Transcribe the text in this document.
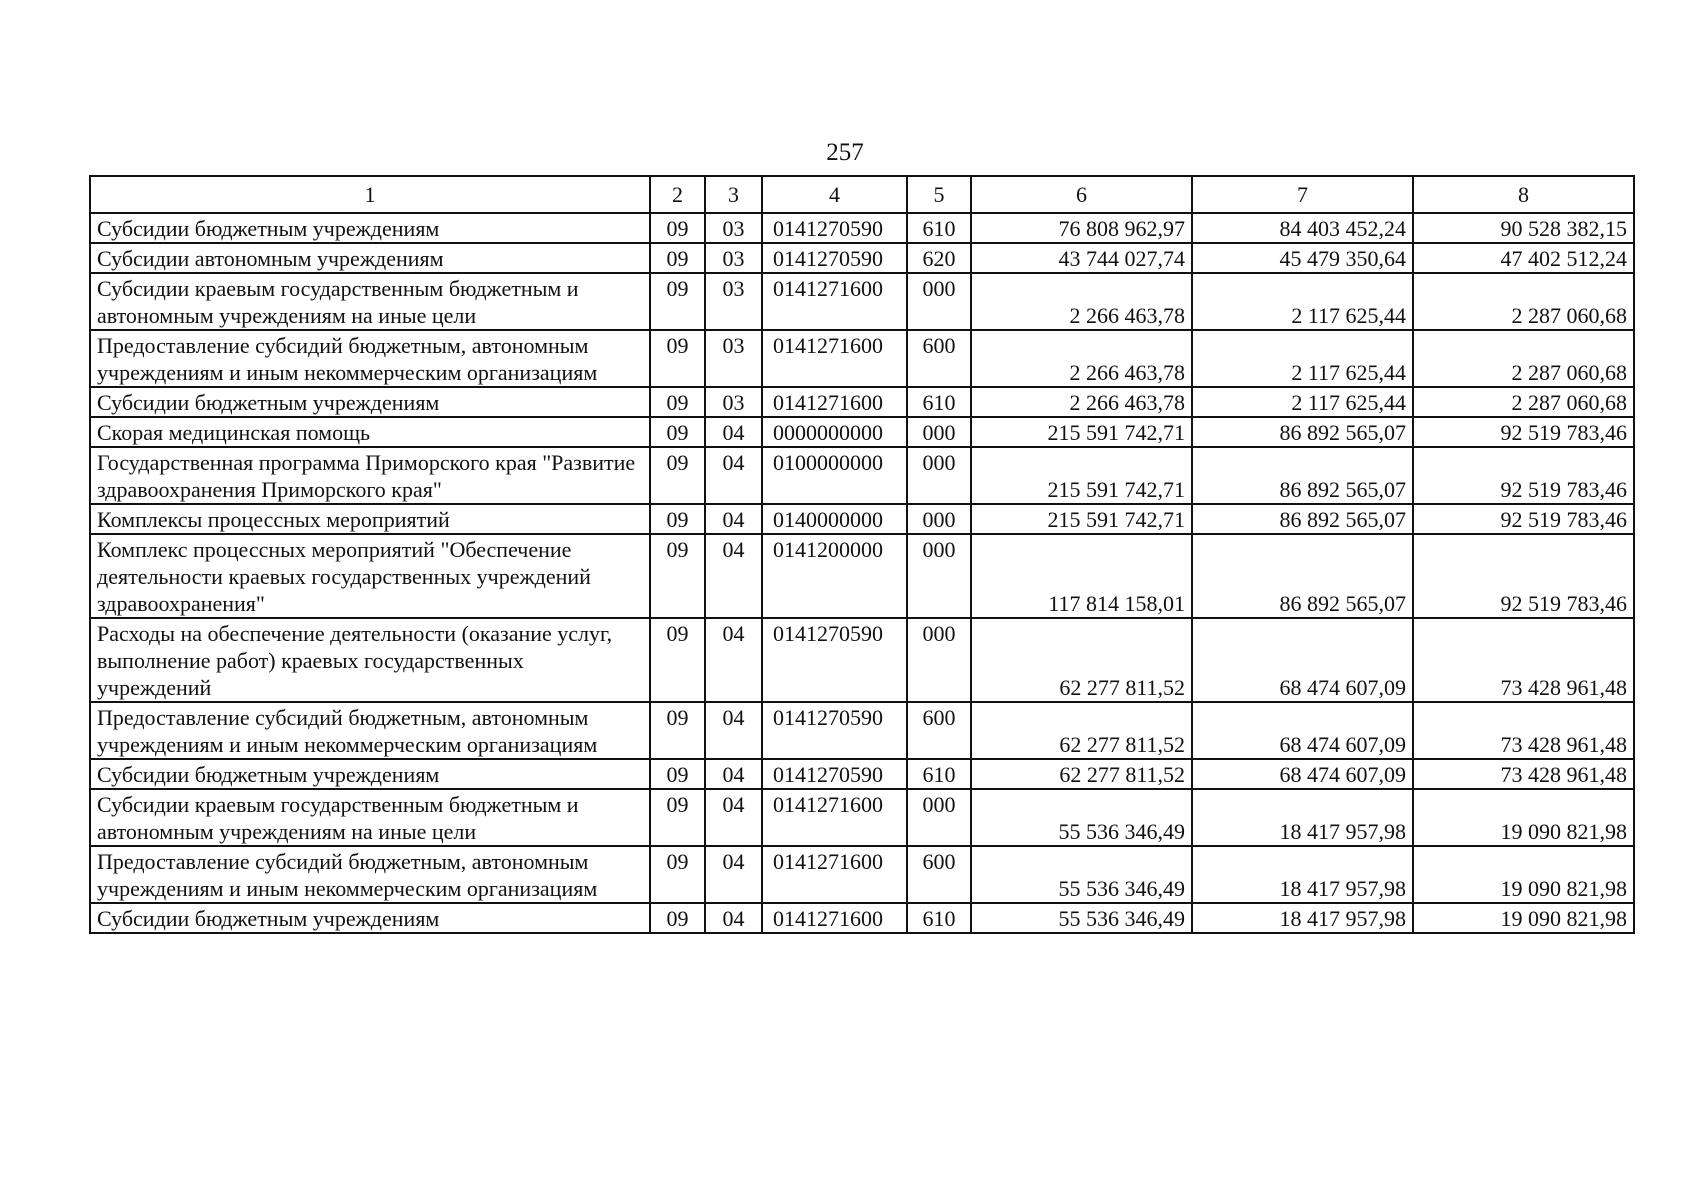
257
1	2	3	4	5	6	7	8
Субсидии бюджетным учреждениям	09	03	0141270590	610	76 808 962,97	84 403 452,24	90 528 382,15
Субсидии автономным учреждениям	09	03	0141270590	620	43 744 027,74	45 479 350,64	47 402 512,24
Субсидии краевым государственным бюджетным и автономным учреждениям на иные цели	09	03	0141271600	000	2 266 463,78	2 117 625,44	2 287 060,68
Предоставление субсидий бюджетным, автономным учреждениям и иным некоммерческим организациям	09	03	0141271600	600	2 266 463,78	2 117 625,44	2 287 060,68
Субсидии бюджетным учреждениям	09	03	0141271600	610	2 266 463,78	2 117 625,44	2 287 060,68
Скорая медицинская помощь	09	04	0000000000	000	215 591 742,71	86 892 565,07	92 519 783,46
Государственная программа Приморского края "Развитие здравоохранения Приморского края"	09	04	0100000000	000	215 591 742,71	86 892 565,07	92 519 783,46
Комплексы процессных мероприятий	09	04	0140000000	000	215 591 742,71	86 892 565,07	92 519 783,46
Комплекс процессных мероприятий "Обеспечение деятельности краевых государственных учреждений здравоохранения"	09	04	0141200000	000	117 814 158,01	86 892 565,07	92 519 783,46
Расходы на обеспечение деятельности (оказание услуг, выполнение работ) краевых государственных учреждений	09	04	0141270590	000	62 277 811,52	68 474 607,09	73 428 961,48
Предоставление субсидий бюджетным, автономным учреждениям и иным некоммерческим организациям	09	04	0141270590	600	62 277 811,52	68 474 607,09	73 428 961,48
Субсидии бюджетным учреждениям	09	04	0141270590	610	62 277 811,52	68 474 607,09	73 428 961,48
Субсидии краевым государственным бюджетным и автономным учреждениям на иные цели	09	04	0141271600	000	55 536 346,49	18 417 957,98	19 090 821,98
Предоставление субсидий бюджетным, автономным учреждениям и иным некоммерческим организациям	09	04	0141271600	600	55 536 346,49	18 417 957,98	19 090 821,98
Субсидии бюджетным учреждениям	09	04	0141271600	610	55 536 346,49	18 417 957,98	19 090 821,98
